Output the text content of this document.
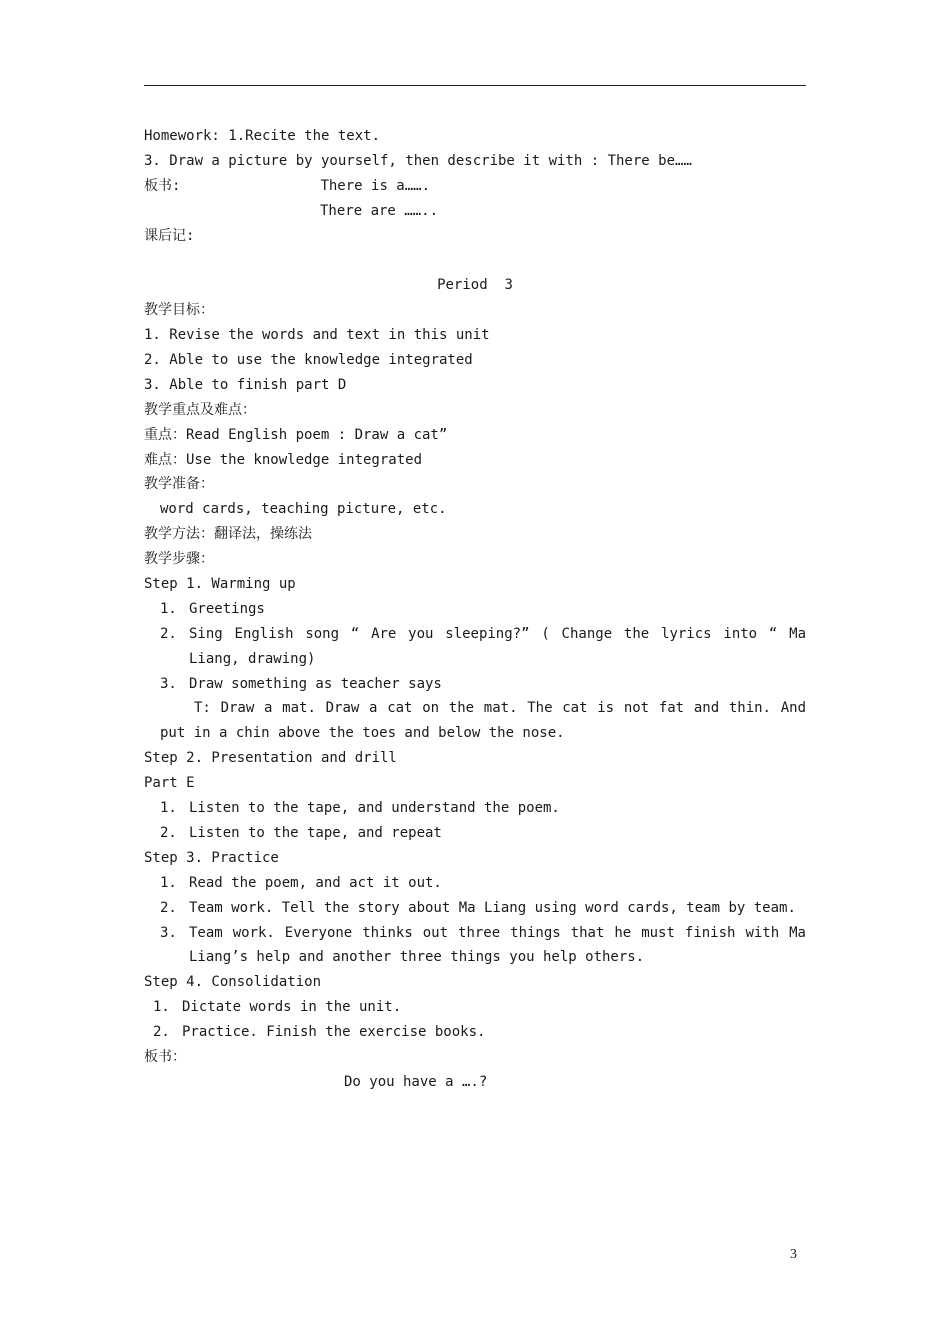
Homework: 1.Recite the text.
3. Draw a picture by yourself, then describe it with : There be……
板书:	There is a…….
There are ……..
课后记:
Period  3
教学目标：
1. Revise the words and text in this unit
2. Able to use the knowledge integrated
3. Able to finish part D
教学重点及难点：
重点：Read English poem : Draw a cat”
难点：Use the knowledge integrated
教学准备：
word cards, teaching picture, etc.
教学方法：翻译法，操练法
教学步骤：
Step 1. Warming up
1. Greetings
2. Sing English song “ Are you sleeping?” ( Change the lyrics into “ Ma
Liang, drawing)
3. Draw something as teacher says
T: Draw a mat. Draw a cat on the mat. The cat is not fat and thin. And
put in a chin above the toes and below the nose.
Step 2. Presentation and drill
Part E
1. Listen to the tape, and understand the poem.
2. Listen to the tape, and repeat
Step 3. Practice
1. Read the poem, and act it out.
2. Team work. Tell the story about Ma Liang using word cards, team by team.
3. Team work. Everyone thinks out three things that he must finish with Ma
Liang’s help and another three things you help others.
Step 4. Consolidation
1. Dictate words in the unit.
2. Practice. Finish the exercise books.
板书：
Do you have a ….?
3
